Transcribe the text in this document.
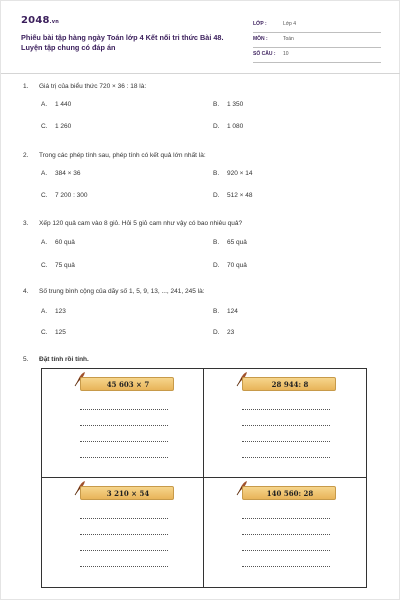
2048.vn
Phiếu bài tập hàng ngày Toán lớp 4 Kết nối tri thức Bài 48. Luyện tập chung có đáp án
LỚP :	Lớp 4
MÔN :	Toán
SỐ CÂU : 10
1. Giá trị của biểu thức 720 × 36 : 18 là:
A. 1 440	B. 1 350
C. 1 260	D. 1 080
2. Trong các phép tính sau, phép tính có kết quả lớn nhất là:
A. 384 × 36	B. 920 × 14
C. 7 200 : 300	D. 512 × 48
3. Xếp 120 quả cam vào 8 giỏ. Hỏi 5 giỏ cam như vậy có bao nhiêu quả?
A. 60 quả	B. 65 quả
C. 75 quả	D. 70 quả
4. Số trung bình cộng của dãy số 1, 5, 9, 13, ..., 241, 245 là:
A. 123	B. 124
C. 125	D. 23
5. Đặt tính rồi tính.
45 603 × 7	28 944: 8
3 210 × 54	140 560: 28
